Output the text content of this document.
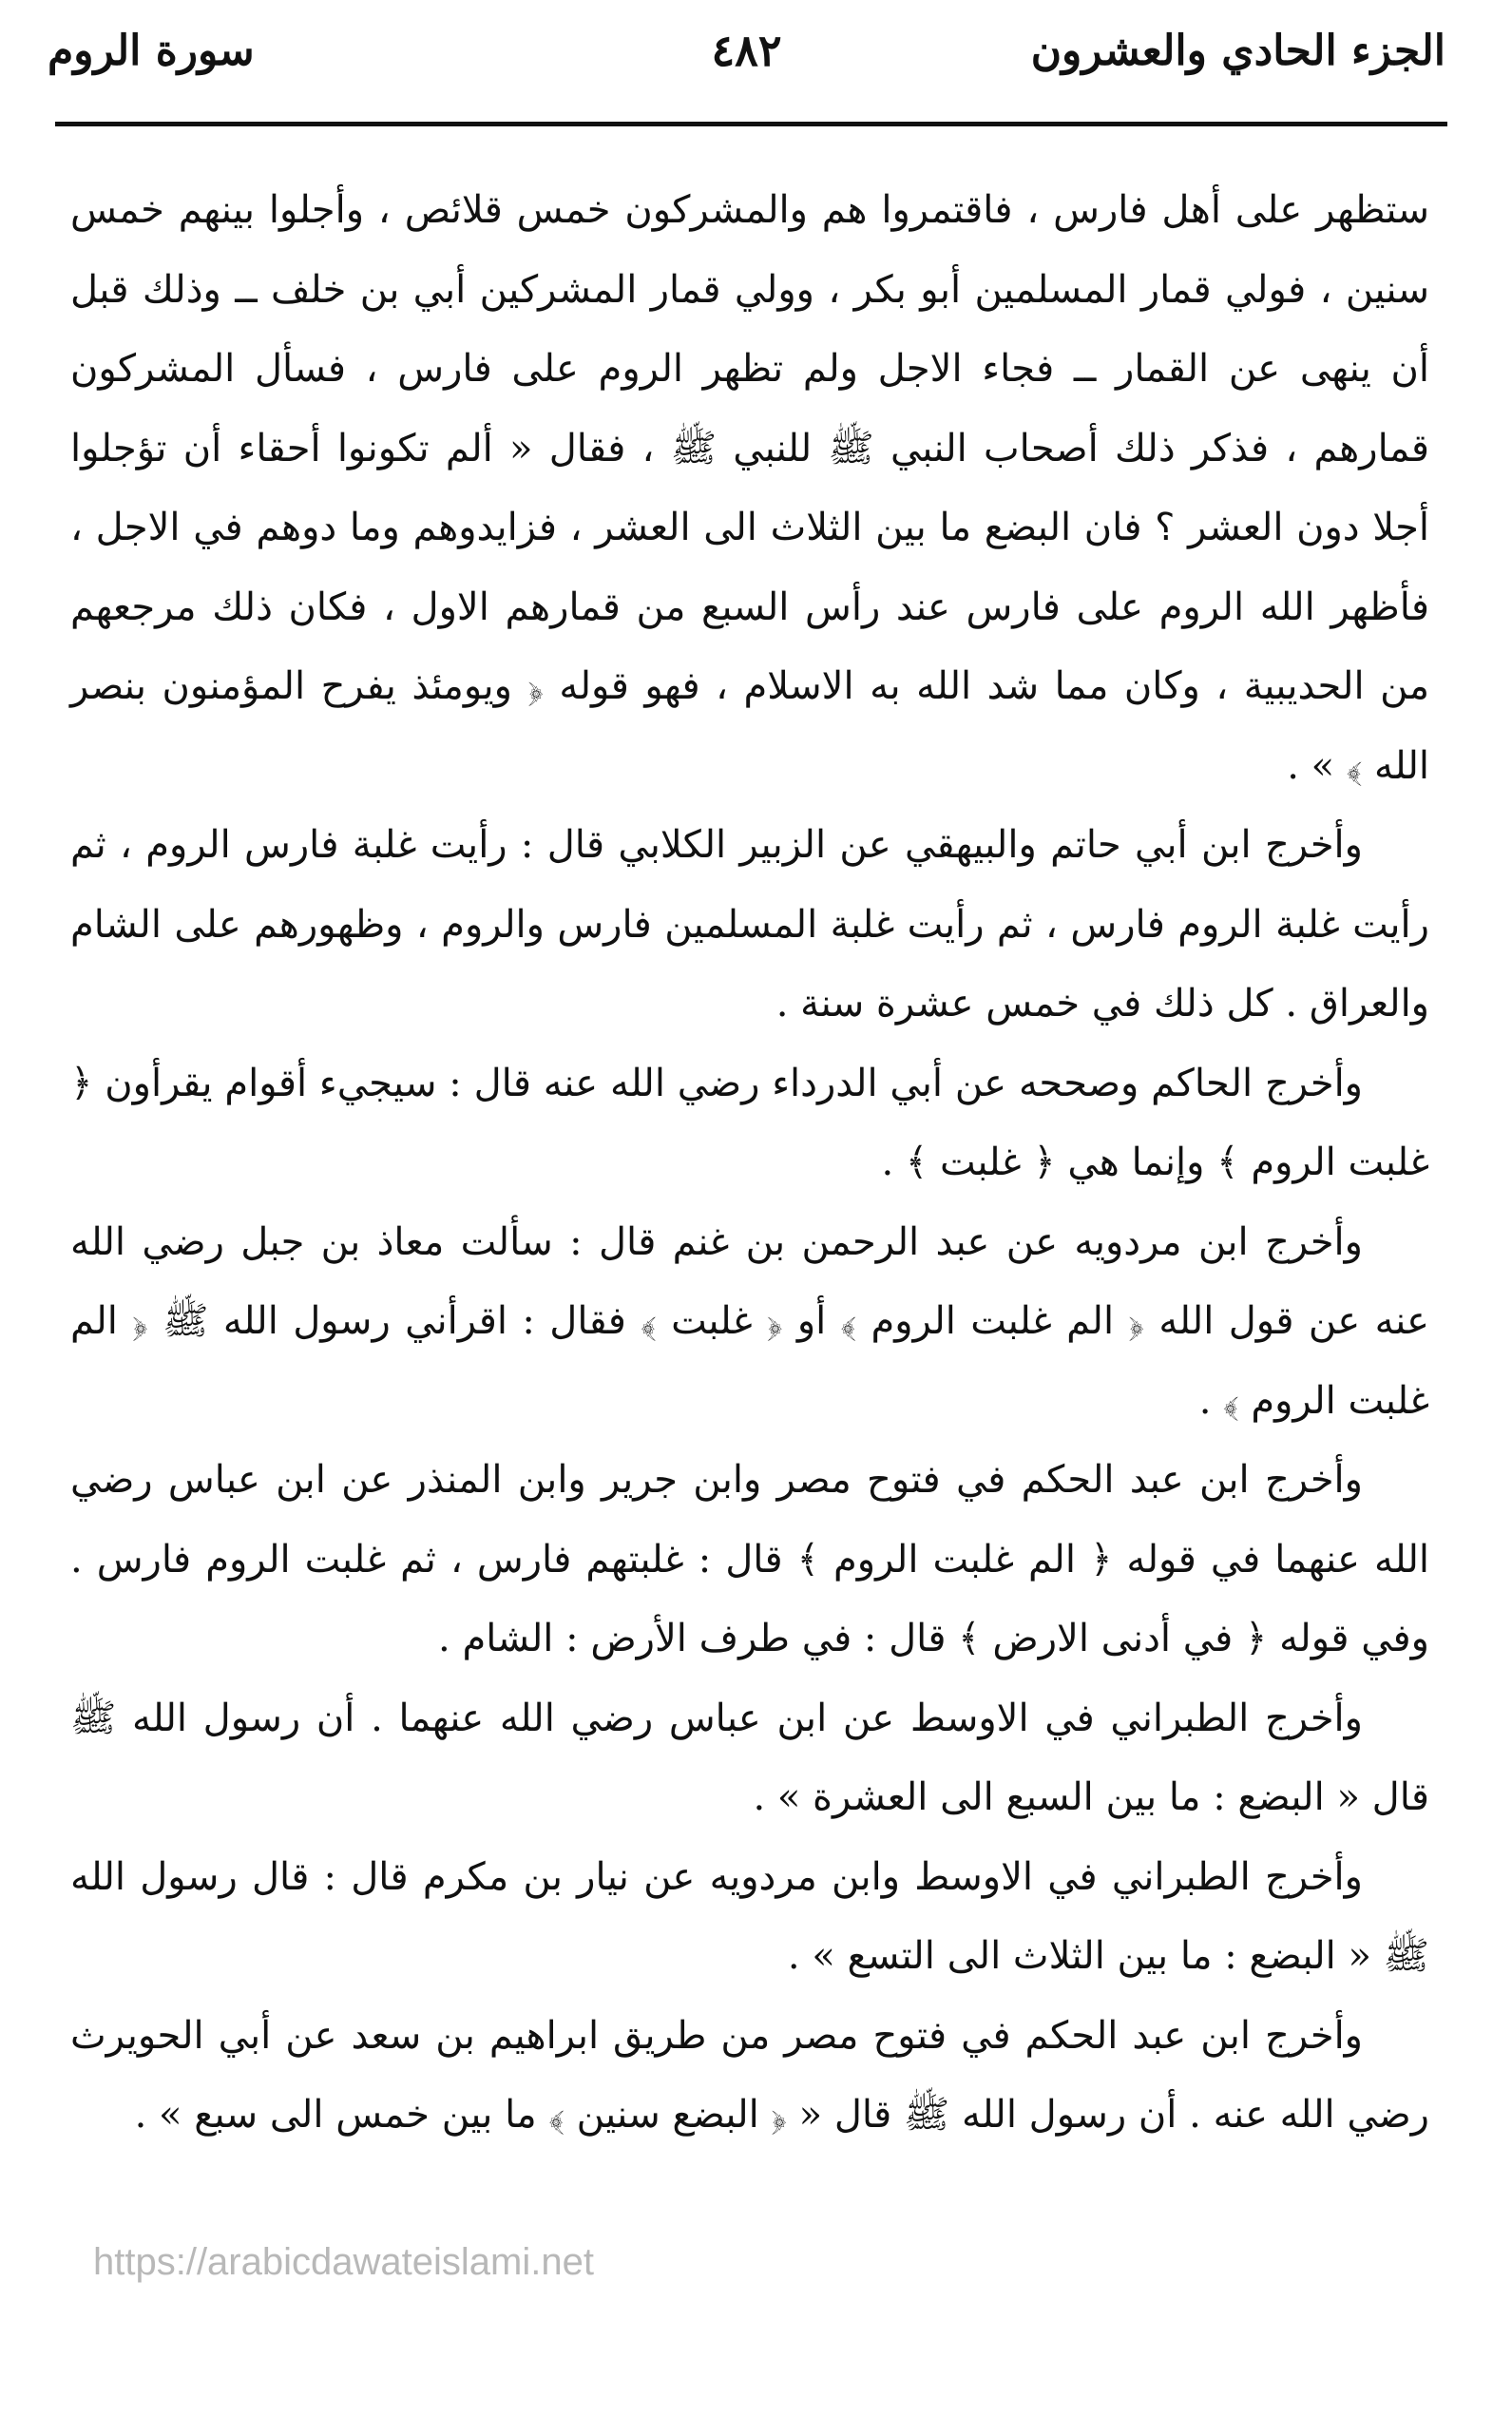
الجزء الحادي والعشرون
٤٨٢
سورة الروم

ستظهر على أهل فارس ، فاقتمروا هم والمشركون خمس قلائص ، وأجلوا بينهم خمس سنين ، فولي قمار المسلمين أبو بكر ، وولي قمار المشركين أبي بن خلف ــ وذلك قبل أن ينهى عن القمار ــ فجاء الاجل ولم تظهر الروم على فارس ، فسأل المشركون قمارهم ، فذكر ذلك أصحاب النبي ﷺ للنبي ﷺ ، فقال « ألم تكونوا أحقاء أن تؤجلوا أجلا دون العشر ؟ فان البضع ما بين الثلاث الى العشر ، فزايدوهم وما دوهم في الاجل ، فأظهر الله الروم على فارس عند رأس السبع من قمارهم الاول ، فكان ذلك مرجعهم من الحديبية ، وكان مما شد الله به الاسلام ، فهو قوله ﴿ ويومئذ يفرح المؤمنون بنصر الله ﴾ » .

وأخرج ابن أبي حاتم والبيهقي عن الزبير الكلابي قال : رأيت غلبة فارس الروم ، ثم رأيت غلبة الروم فارس ، ثم رأيت غلبة المسلمين فارس والروم ، وظهورهم على الشام والعراق . كل ذلك في خمس عشرة سنة .

وأخرج الحاكم وصححه عن أبي الدرداء رضي الله عنه قال : سيجيء أقوام يقرأون ﴿ غلبت الروم ﴾ وإنما هي ﴿ غلبت ﴾ .

وأخرج ابن مردويه عن عبد الرحمن بن غنم قال : سألت معاذ بن جبل رضي الله عنه عن قول الله ﴿ الم غلبت الروم ﴾ أو ﴿ غلبت ﴾ فقال : اقرأني رسول الله ﷺ ﴿ الم غلبت الروم ﴾ .

وأخرج ابن عبد الحكم في فتوح مصر وابن جرير وابن المنذر عن ابن عباس رضي الله عنهما في قوله ﴿ الم غلبت الروم ﴾ قال : غلبتهم فارس ، ثم غلبت الروم فارس . وفي قوله ﴿ في أدنى الارض ﴾ قال : في طرف الأرض : الشام .

وأخرج الطبراني في الاوسط عن ابن عباس رضي الله عنهما . أن رسول الله ﷺ قال « البضع : ما بين السبع الى العشرة » .

وأخرج الطبراني في الاوسط وابن مردويه عن نيار بن مكرم قال : قال رسول الله ﷺ « البضع : ما بين الثلاث الى التسع » .

وأخرج ابن عبد الحكم في فتوح مصر من طريق ابراهيم بن سعد عن أبي الحويرث رضي الله عنه . أن رسول الله ﷺ قال « ﴿ البضع سنين ﴾ ما بين خمس الى سبع » .

https://arabicdawateislami.net
